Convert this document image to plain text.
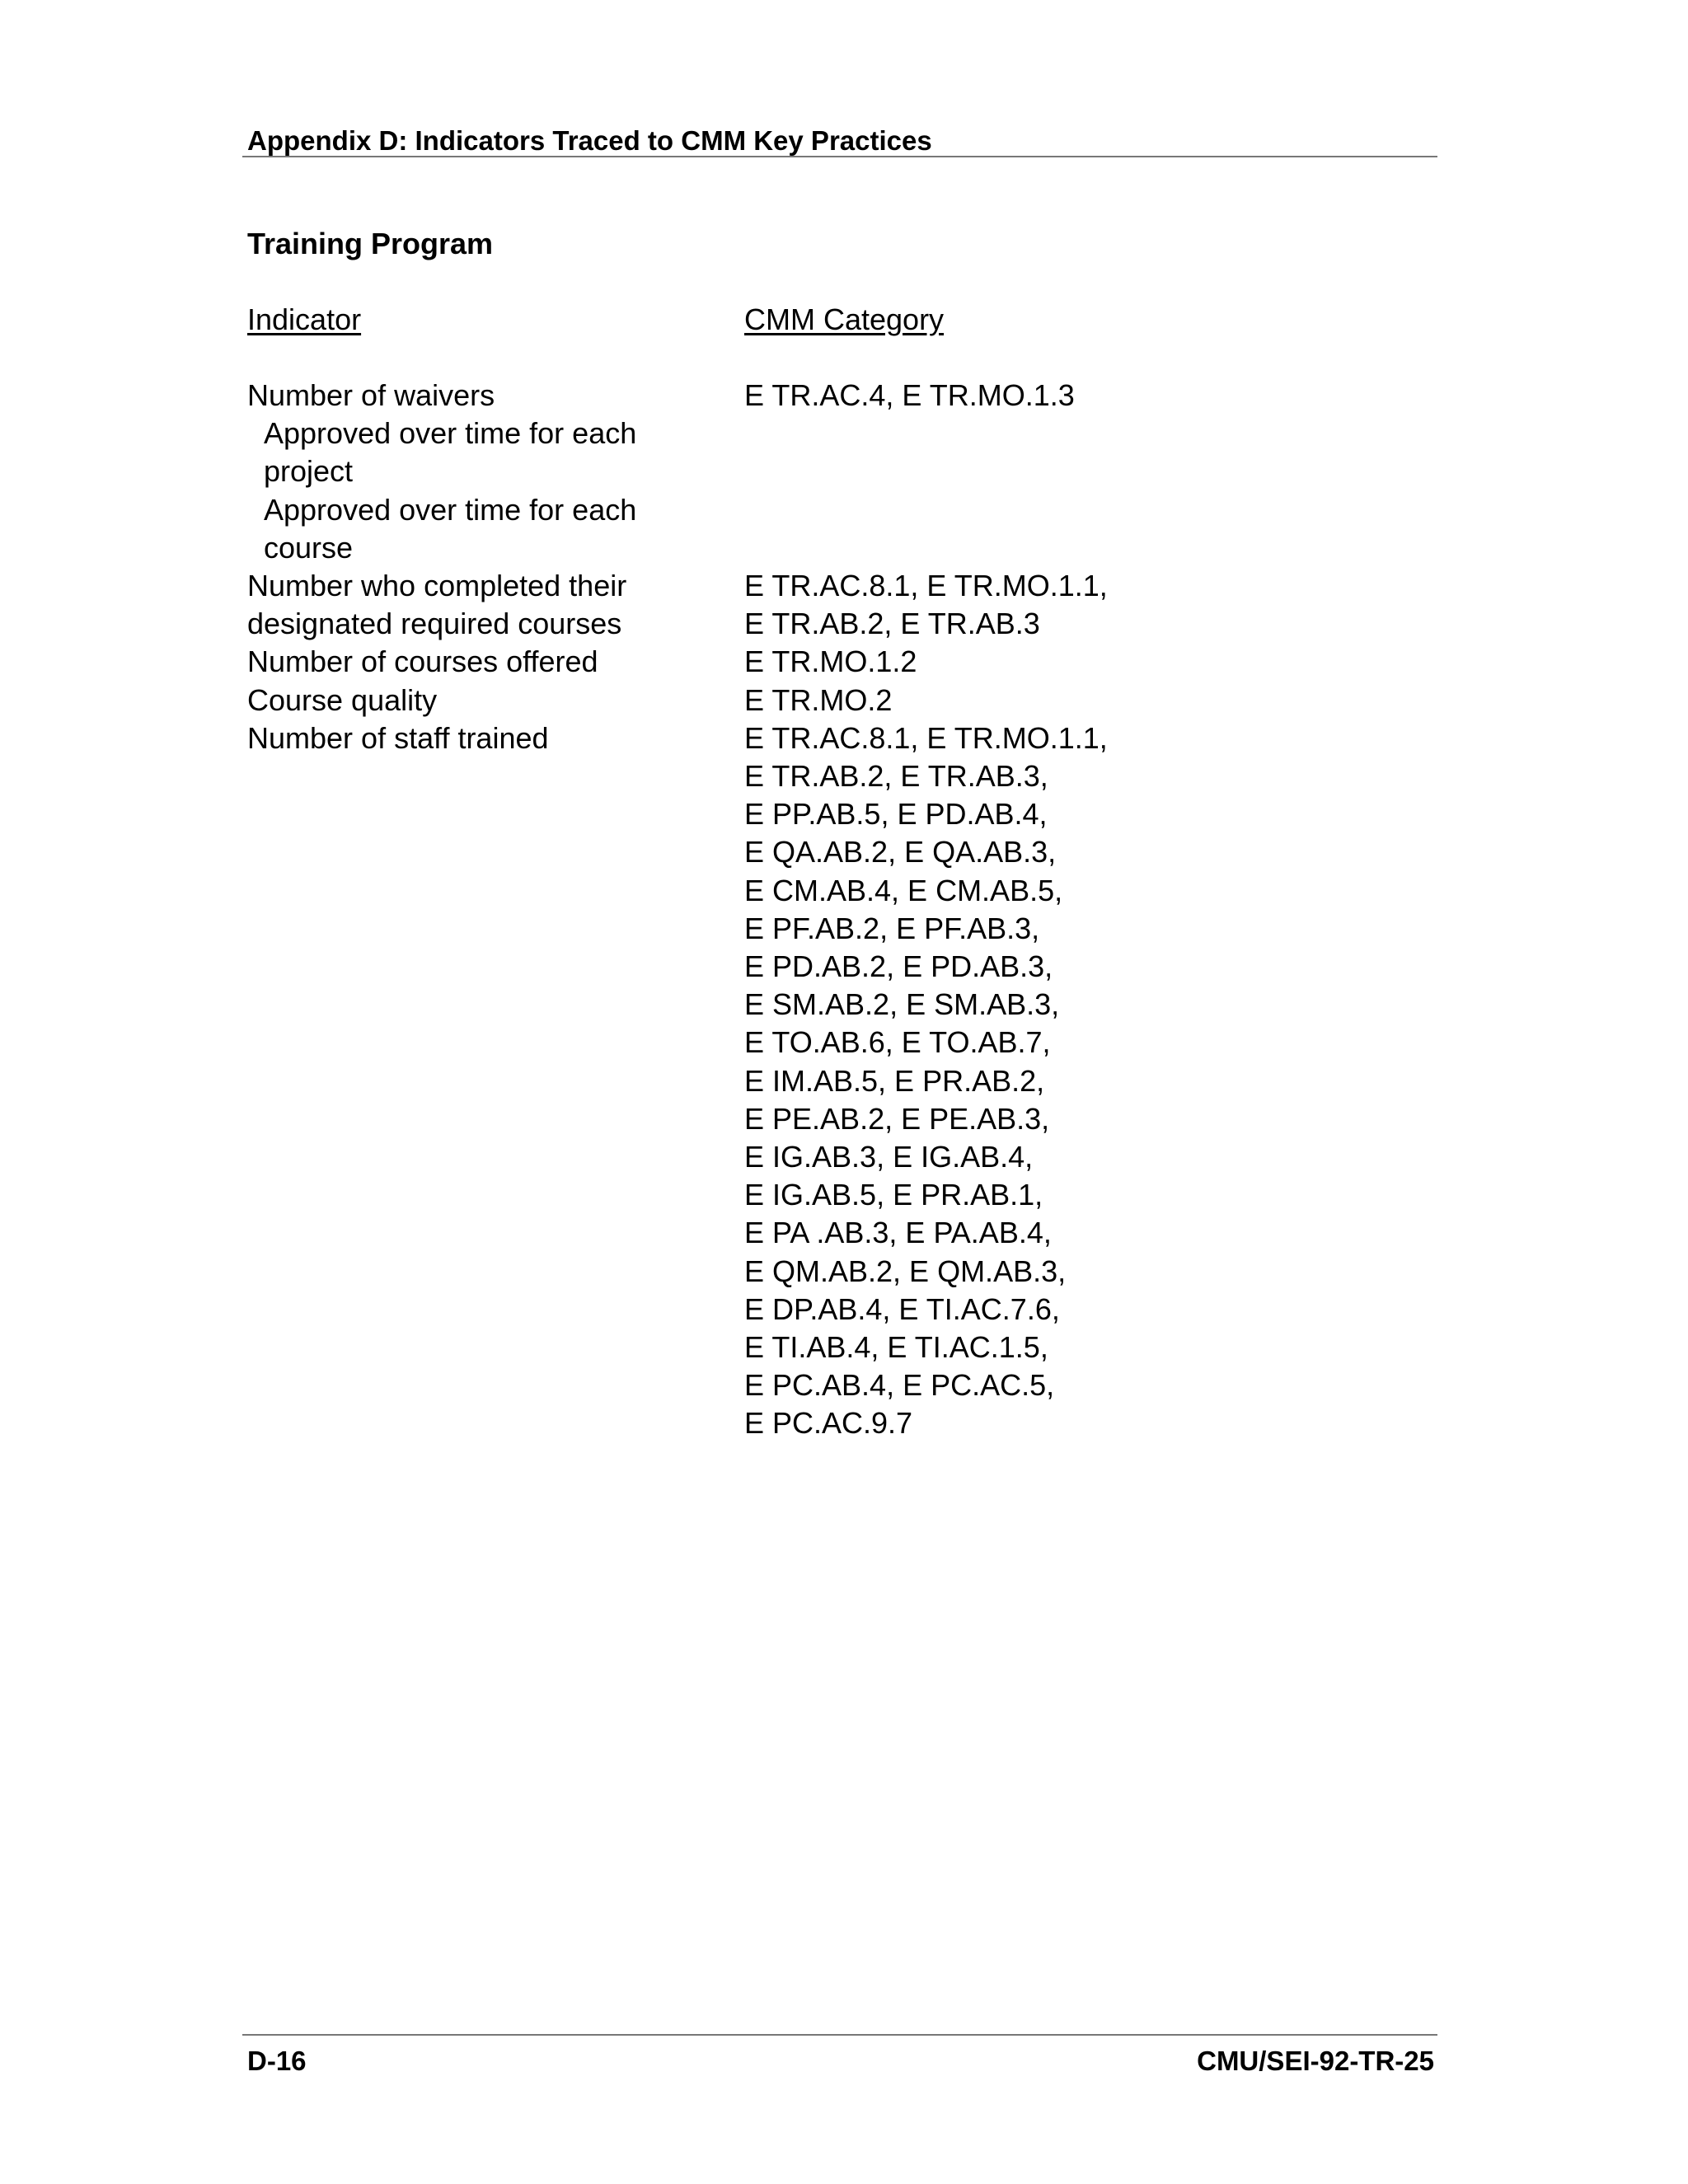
Appendix D: Indicators Traced to CMM Key Practices
Training Program
Indicator	CMM Category
Number of waivers
Approved over time for each
project
Approved over time for each
course
Number who completed their
designated required courses
Number of courses offered
Course quality
Number of staff trained
E TR.AC.4, E TR.MO.1.3
E TR.AC.8.1, E TR.MO.1.1,
E TR.AB.2, E TR.AB.3
E TR.MO.1.2
E TR.MO.2
E TR.AC.8.1, E TR.MO.1.1,
E TR.AB.2, E TR.AB.3,
E PP.AB.5, E PD.AB.4,
E QA.AB.2, E QA.AB.3,
E CM.AB.4, E CM.AB.5,
E PF.AB.2, E PF.AB.3,
E PD.AB.2, E PD.AB.3,
E SM.AB.2, E SM.AB.3,
E TO.AB.6, E TO.AB.7,
E IM.AB.5, E PR.AB.2,
E PE.AB.2, E PE.AB.3,
E IG.AB.3, E IG.AB.4,
E IG.AB.5, E PR.AB.1,
E PA .AB.3, E PA.AB.4,
E QM.AB.2, E QM.AB.3,
E DP.AB.4, E TI.AC.7.6,
E TI.AB.4, E TI.AC.1.5,
E PC.AB.4, E PC.AC.5,
E PC.AC.9.7
D-16	CMU/SEI-92-TR-25
